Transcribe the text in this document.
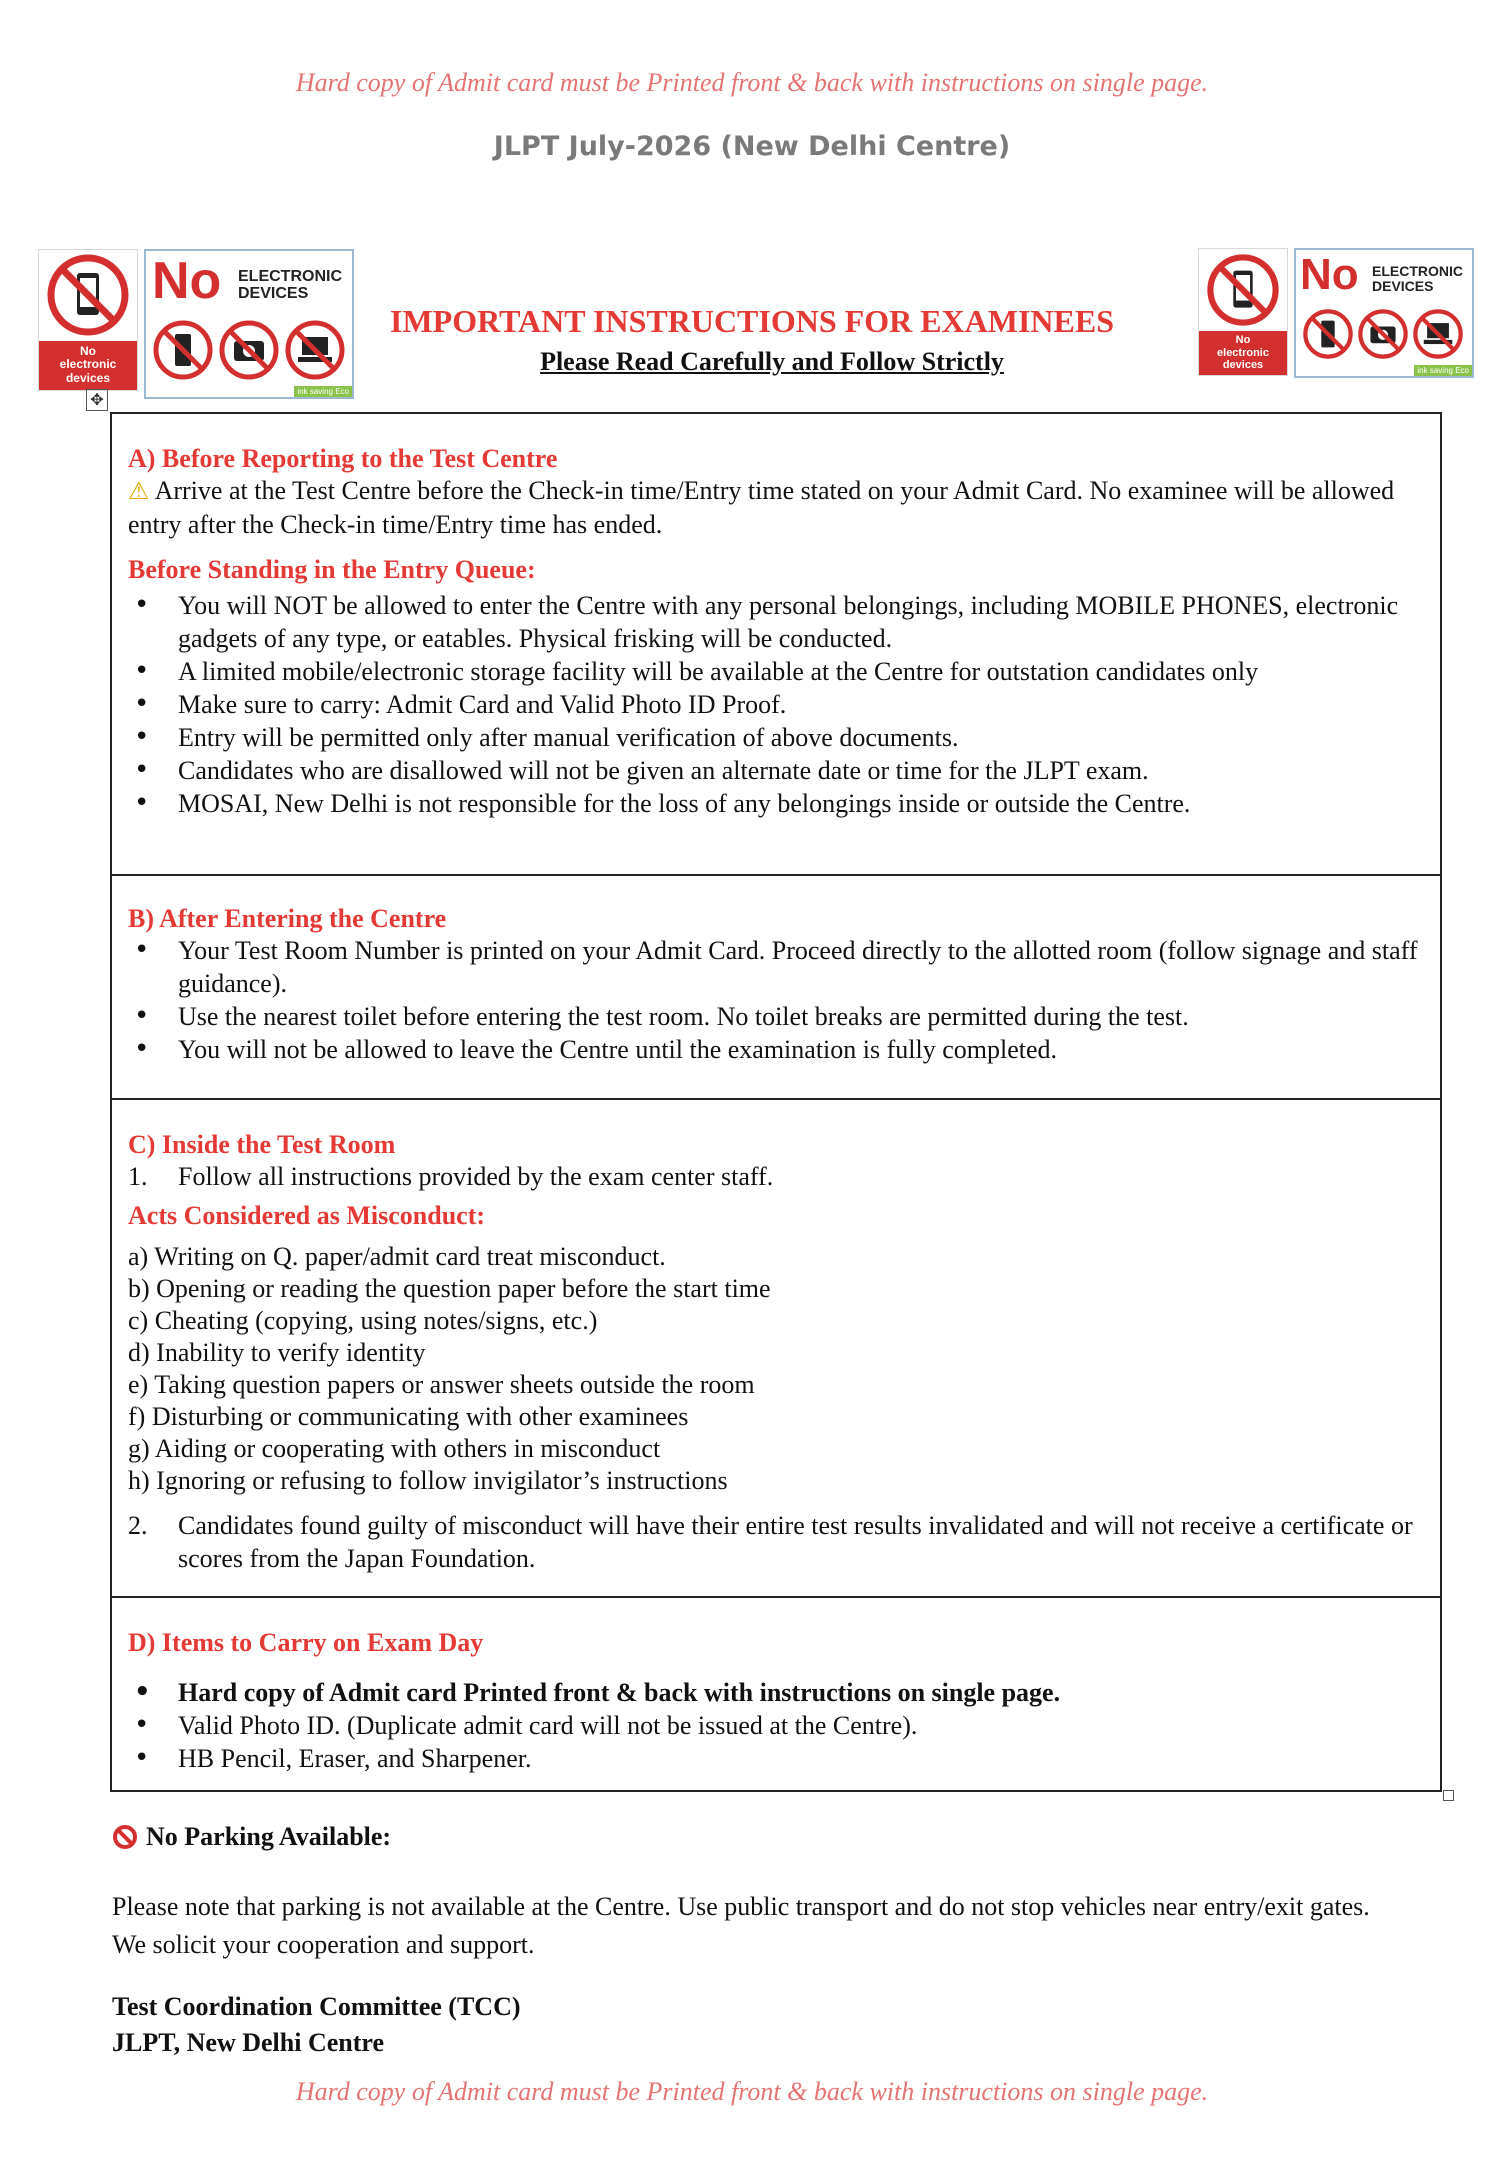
Hard copy of Admit card must be Printed front & back with instructions on single page.
JLPT July-2026 (New Delhi Centre)
No
electronic
devices
No ELECTRONIC
DEVICES
ink saving Eco
No
electronic
devices
No ELECTRONIC
DEVICES
ink saving Eco
IMPORTANT INSTRUCTIONS FOR EXAMINEES
Please Read Carefully and Follow Strictly
✥
A) Before Reporting to the Test Centre
⚠ Arrive at the Test Centre before the Check-in time/Entry time stated on your Admit Card. No examinee will be allowed entry after the Check-in time/Entry time has ended.
Before Standing in the Entry Queue:
• You will NOT be allowed to enter the Centre with any personal belongings, including MOBILE PHONES, electronic gadgets of any type, or eatables. Physical frisking will be conducted.
• A limited mobile/electronic storage facility will be available at the Centre for outstation candidates only
• Make sure to carry: Admit Card and Valid Photo ID Proof.
• Entry will be permitted only after manual verification of above documents.
• Candidates who are disallowed will not be given an alternate date or time for the JLPT exam.
• MOSAI, New Delhi is not responsible for the loss of any belongings inside or outside the Centre.
B) After Entering the Centre
• Your Test Room Number is printed on your Admit Card. Proceed directly to the allotted room (follow signage and staff guidance).
• Use the nearest toilet before entering the test room. No toilet breaks are permitted during the test.
• You will not be allowed to leave the Centre until the examination is fully completed.
C) Inside the Test Room
1. Follow all instructions provided by the exam center staff.
Acts Considered as Misconduct:
a) Writing on Q. paper/admit card treat misconduct.
b) Opening or reading the question paper before the start time
c) Cheating (copying, using notes/signs, etc.)
d) Inability to verify identity
e) Taking question papers or answer sheets outside the room
f) Disturbing or communicating with other examinees
g) Aiding or cooperating with others in misconduct
h) Ignoring or refusing to follow invigilator’s instructions
2. Candidates found guilty of misconduct will have their entire test results invalidated and will not receive a certificate or scores from the Japan Foundation.
D) Items to Carry on Exam Day
• Hard copy of Admit card Printed front & back with instructions on single page.
• Valid Photo ID. (Duplicate admit card will not be issued at the Centre).
• HB Pencil, Eraser, and Sharpener.
No Parking Available:
Please note that parking is not available at the Centre. Use public transport and do not stop vehicles near entry/exit gates. We solicit your cooperation and support.
Test Coordination Committee (TCC)
JLPT, New Delhi Centre
Hard copy of Admit card must be Printed front & back with instructions on single page.
